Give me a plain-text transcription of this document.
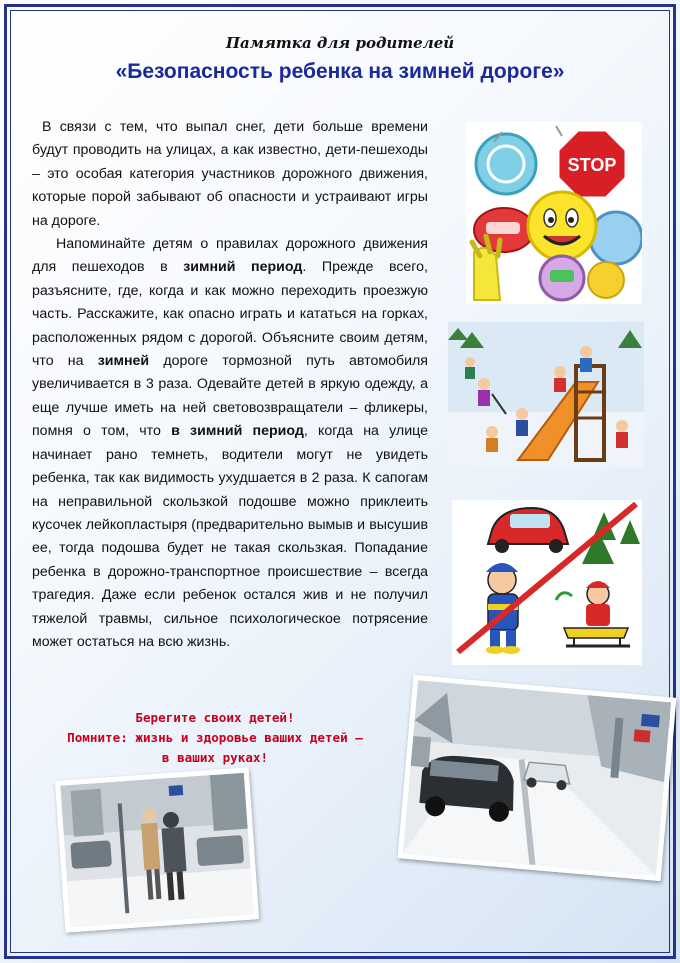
Памятка для родителей
«Безопасность ребенка на зимней дороге»

В связи с тем, что выпал снег, дети больше времени будут проводить на улицах, а как известно, дети-пешеходы – это особая категория участников дорожного движения, которые порой забывают об опасности и устраивают игры на дороге.

Напоминайте детям о правилах дорожного движения для пешеходов в зимний период. Прежде всего, разъясните, где, когда и как можно переходить проезжую часть. Расскажите, как опасно играть и кататься на горках, расположенных рядом с дорогой. Объясните своим детям, что на зимней дороге тормозной путь автомобиля увеличивается в 3 раза. Одевайте детей в яркую одежду, а еще лучше иметь на ней световозвращатели – фликеры, помня о том, что в зимний период, когда на улице начинает рано темнеть, водители могут не увидеть ребенка, так как видимость ухудшается в 2 раза. К сапогам на неправильной скользкой подошве можно приклеить кусочек лейкопластыря (предварительно вымыв и высушив ее, тогда подошва будет не такая скользкая. Попадание ребенка в дорожно-транспортное происшествие – всегда трагедия. Даже если ребенок остался жив и не получил тяжелой травмы, сильное психологическое потрясение может остаться на всю жизнь.

Берегите своих детей!
Помните: жизнь и здоровье ваших детей –
в ваших руках!
STOP
